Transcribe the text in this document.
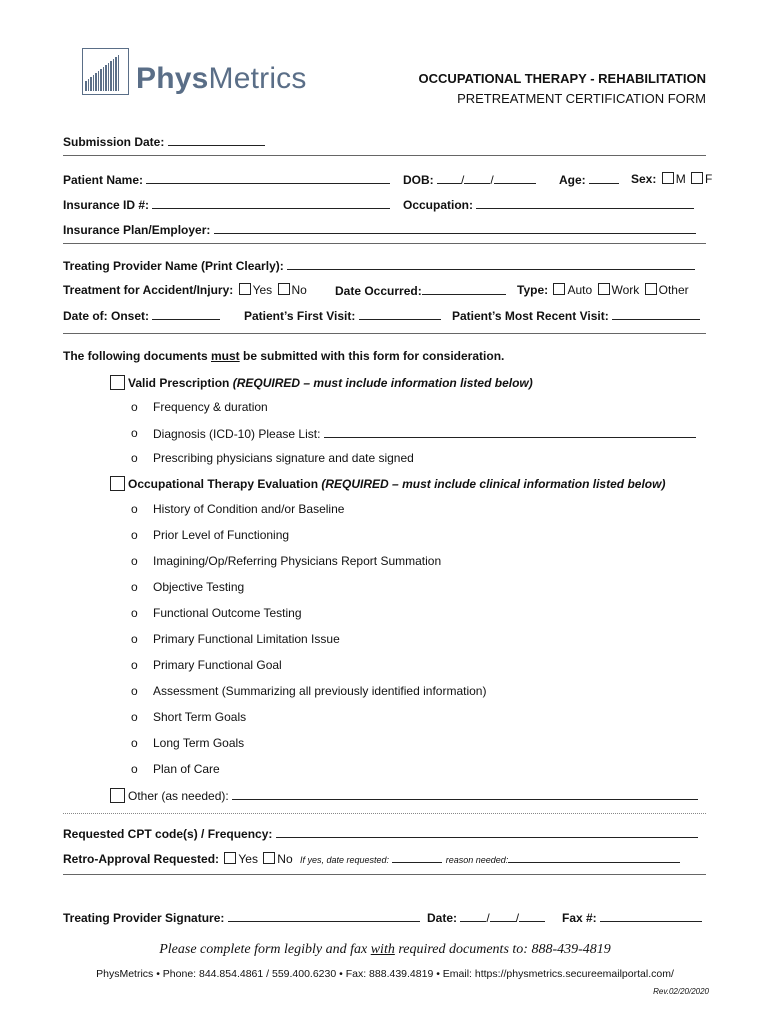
PhysMetrics	OCCUPATIONAL THERAPY - REHABILITATION
PRETREATMENT CERTIFICATION FORM
Submission Date:
Patient Name:	DOB: / /	Age:	Sex: M F
Insurance ID #:	Occupation:
Insurance Plan/Employer:
Treating Provider Name (Print Clearly):
Treatment for Accident/Injury: Yes No Date Occurred:	Type: Auto Work Other
Date of: Onset:	Patient’s First Visit:	Patient’s Most Recent Visit:
The following documents must be submitted with this form for consideration.
Valid Prescription (REQUIRED – must include information listed below)
o Frequency & duration
o Diagnosis (ICD-10) Please List:
o Prescribing physicians signature and date signed
Occupational Therapy Evaluation (REQUIRED – must include clinical information listed below)
o History of Condition and/or Baseline
o Prior Level of Functioning
o Imagining/Op/Referring Physicians Report Summation
o Objective Testing
o Functional Outcome Testing
o Primary Functional Limitation Issue
o Primary Functional Goal
o Assessment (Summarizing all previously identified information)
o Short Term Goals
o Long Term Goals
o Plan of Care
Other (as needed):
Requested CPT code(s) / Frequency:
Retro-Approval Requested: Yes No If yes, date requested:	reason needed:
Treating Provider Signature:	Date: / /	Fax #:
Please complete form legibly and fax with required documents to: 888-439-4819
PhysMetrics • Phone: 844.854.4861 / 559.400.6230 • Fax: 888.439.4819 • Email: https://physmetrics.secureemailportal.com/
Rev.02/20/2020
